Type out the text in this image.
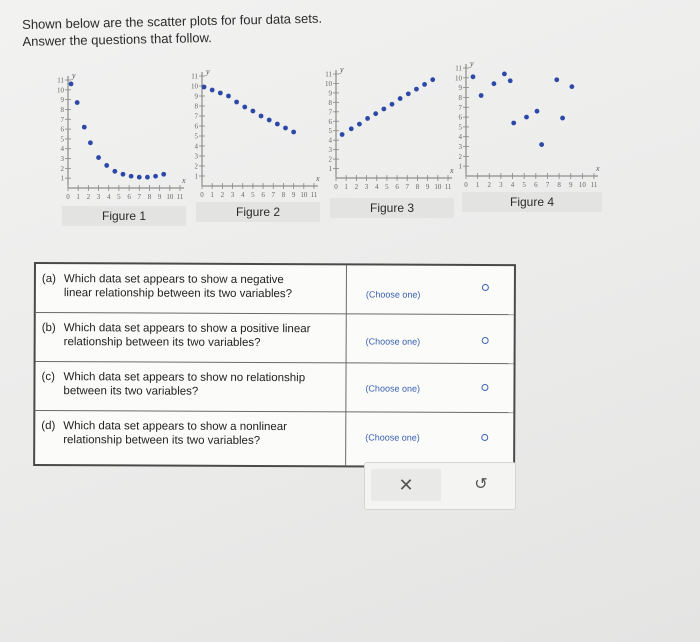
Shown below are the scatter plots for four data sets.
Answer the questions that follow.
0 1 2 3 4 5 6 7 8 9 10 11
11
10
9
8
7
6
5
4
3
2
1	x
y
Figure 1
0 1 2 3 4 5 6 7 8 9 10 11
11
10
9
8
7
6
5
4
3
2
1	x
y
Figure 2
0 1 2 3 4 5 6 7 8 9 10 11
11
10
9
8
7
6
5
4
3
2
1	x
y
Figure 3
0 1 2 3 4 5 6 7 8 9 10 11
11
10
9
8
7
6
5
4
3
2
1	x
y
Figure 4
(a) Which data set appears to show a negative
linear relationship between its two variables?	(Choose one)
(b) Which data set appears to show a positive linear
relationship between its two variables?	(Choose one)
(c) Which data set appears to show no relationship
between its two variables?	(Choose one)
(d) Which data set appears to show a nonlinear
relationship between its two variables?	(Choose one)
✕	↺
